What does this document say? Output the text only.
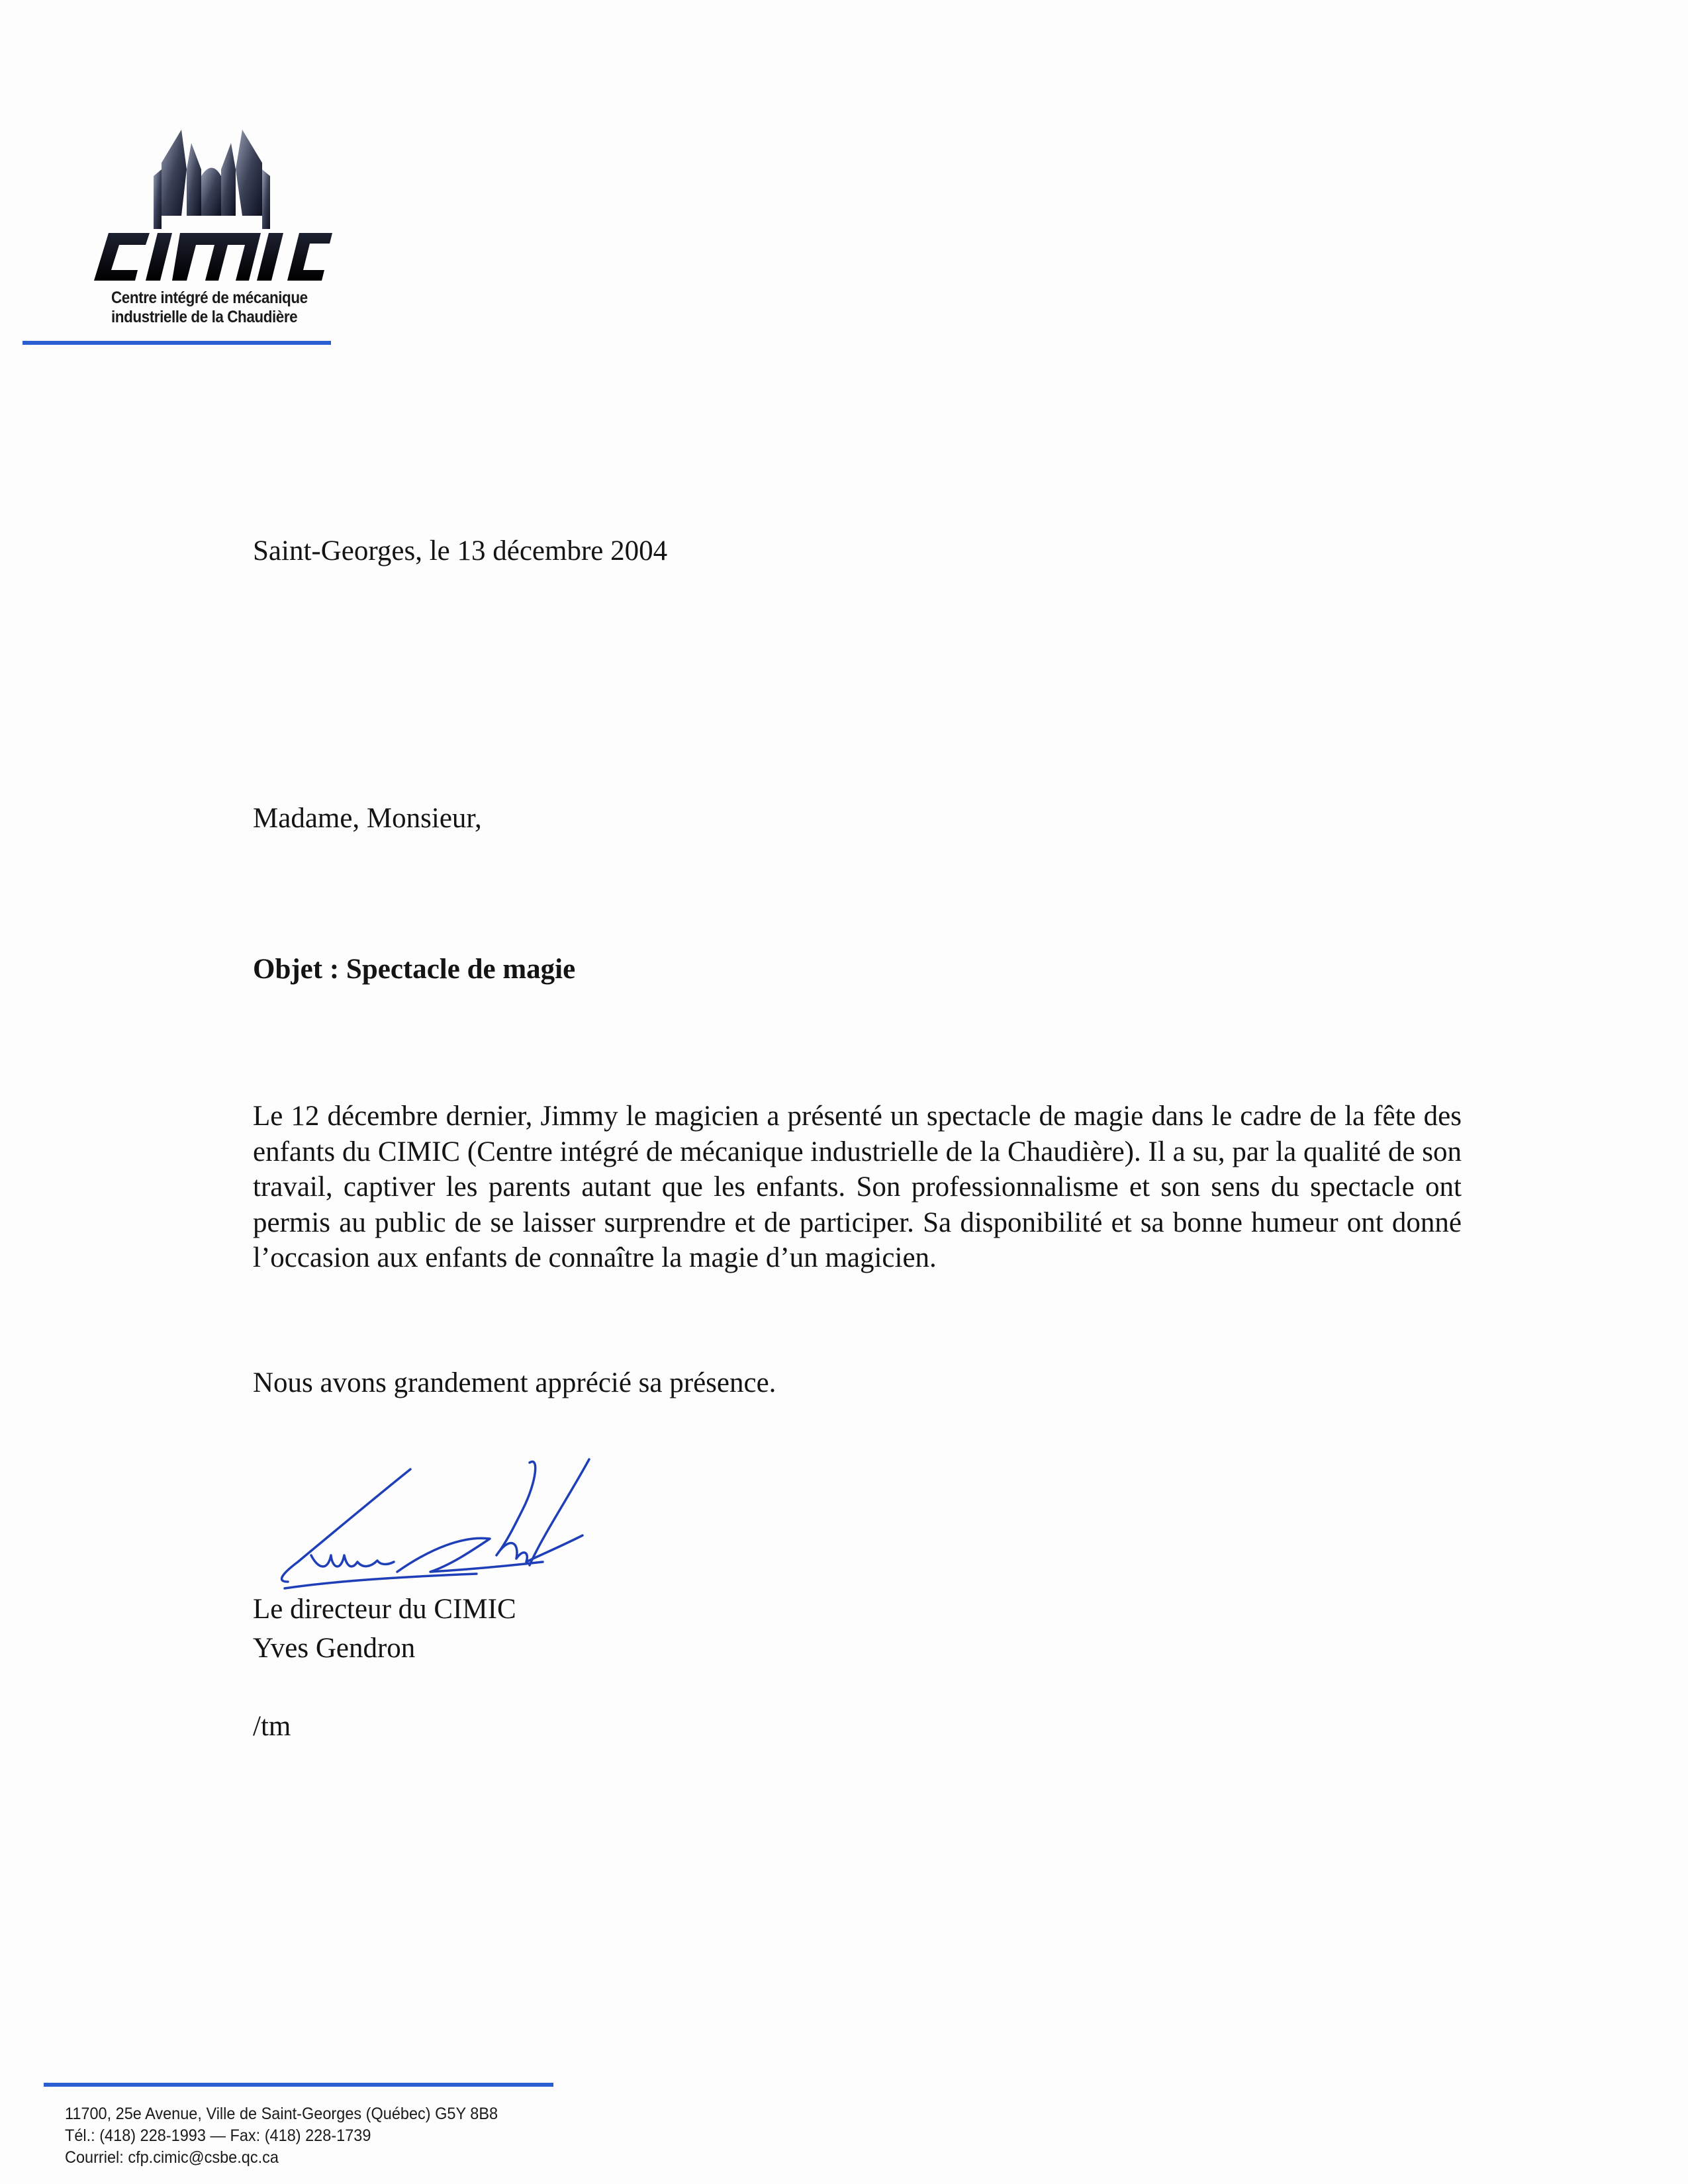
Centre intégré de mécanique
industrielle de la Chaudière
Saint-Georges, le 13 décembre 2004
Madame, Monsieur,
Objet : Spectacle de magie
Le 12 décembre dernier, Jimmy le magicien a présenté un spectacle de magie dans le cadre de la fête des enfants du CIMIC (Centre intégré de mécanique industrielle de la Chaudière). Il a su, par la qualité de son travail, captiver les parents autant que les enfants. Son professionnalisme et son sens du spectacle ont permis au public de se laisser surprendre et de participer. Sa disponibilité et sa bonne humeur ont donné l’occasion aux enfants de connaître la magie d’un magicien.
Nous avons grandement apprécié sa présence.
Le directeur du CIMIC
Yves Gendron
/tm
11700, 25e Avenue, Ville de Saint-Georges (Québec) G5Y 8B8
Tél.: (418) 228-1993 — Fax: (418) 228-1739
Courriel: cfp.cimic@csbe.qc.ca
